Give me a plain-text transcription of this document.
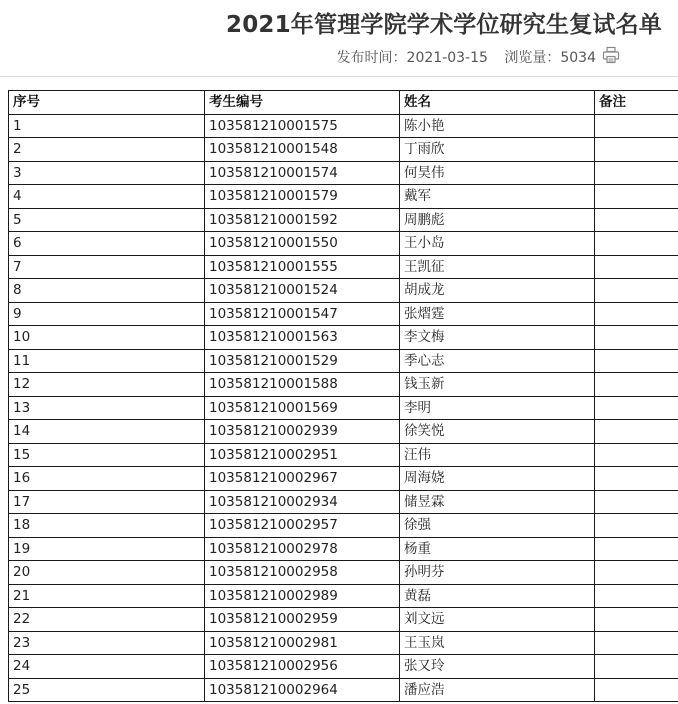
2021年管理学院学术学位研究生复试名单
发布时间：2021-03-15 浏览量：5034
序号	考生编号	姓名	备注
1	103581210001575	陈小艳	
2	103581210001548	丁雨欣	
3	103581210001574	何昊伟	
4	103581210001579	戴军	
5	103581210001592	周鹏彪	
6	103581210001550	王小岛	
7	103581210001555	王凯征	
8	103581210001524	胡成龙	
9	103581210001547	张熠霆	
10	103581210001563	李文梅	
11	103581210001529	季心志	
12	103581210001588	钱玉新	
13	103581210001569	李明	
14	103581210002939	徐笑悦	
15	103581210002951	汪伟	
16	103581210002967	周海娆	
17	103581210002934	储昱霖	
18	103581210002957	徐强	
19	103581210002978	杨重	
20	103581210002958	孙明芬	
21	103581210002989	黄磊	
22	103581210002959	刘文远	
23	103581210002981	王玉岚	
24	103581210002956	张又玲	
25	103581210002964	潘应浩	
